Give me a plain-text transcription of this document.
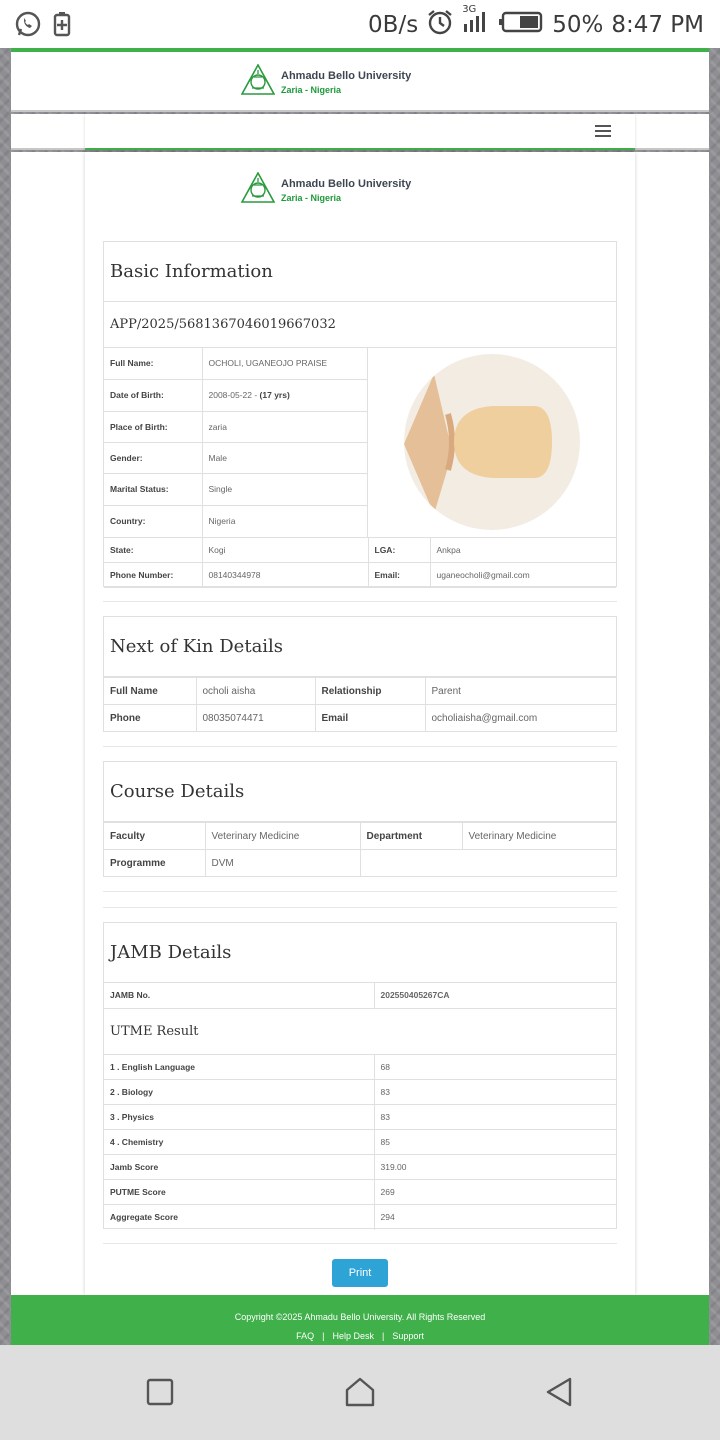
0B/s
3G
50% 8:47 PM
Ahmadu Bello University
Zaria - Nigeria
Ahmadu Bello University
Zaria - Nigeria
Basic Information
APP/2025/5681367046019667032
Full Name:	OCHOLI, UGANEOJO PRAISE
Date of Birth:	2008-05-22 - (17 yrs)
Place of Birth:	zaria
Gender:	Male
Marital Status:	Single
Country:	Nigeria
State:	Kogi	LGA:	Ankpa
Phone Number:	08140344978	Email:	uganeocholi@gmail.com
Next of Kin Details
Full Name	ocholi aisha	Relationship	Parent
Phone	08035074471	Email	ocholiaisha@gmail.com
Course Details
Faculty	Veterinary Medicine	Department	Veterinary Medicine
Programme	DVM		
JAMB Details
JAMB No.	202550405267CA
UTME Result
1 . English Language	68
2 . Biology	83
3 . Physics	83
4 . Chemistry	85
Jamb Score	319.00
PUTME Score	269
Aggregate Score	294
Print
Copyright ©2025 Ahmadu Bello University. All Rights Reserved
FAQ | Help Desk | Support
